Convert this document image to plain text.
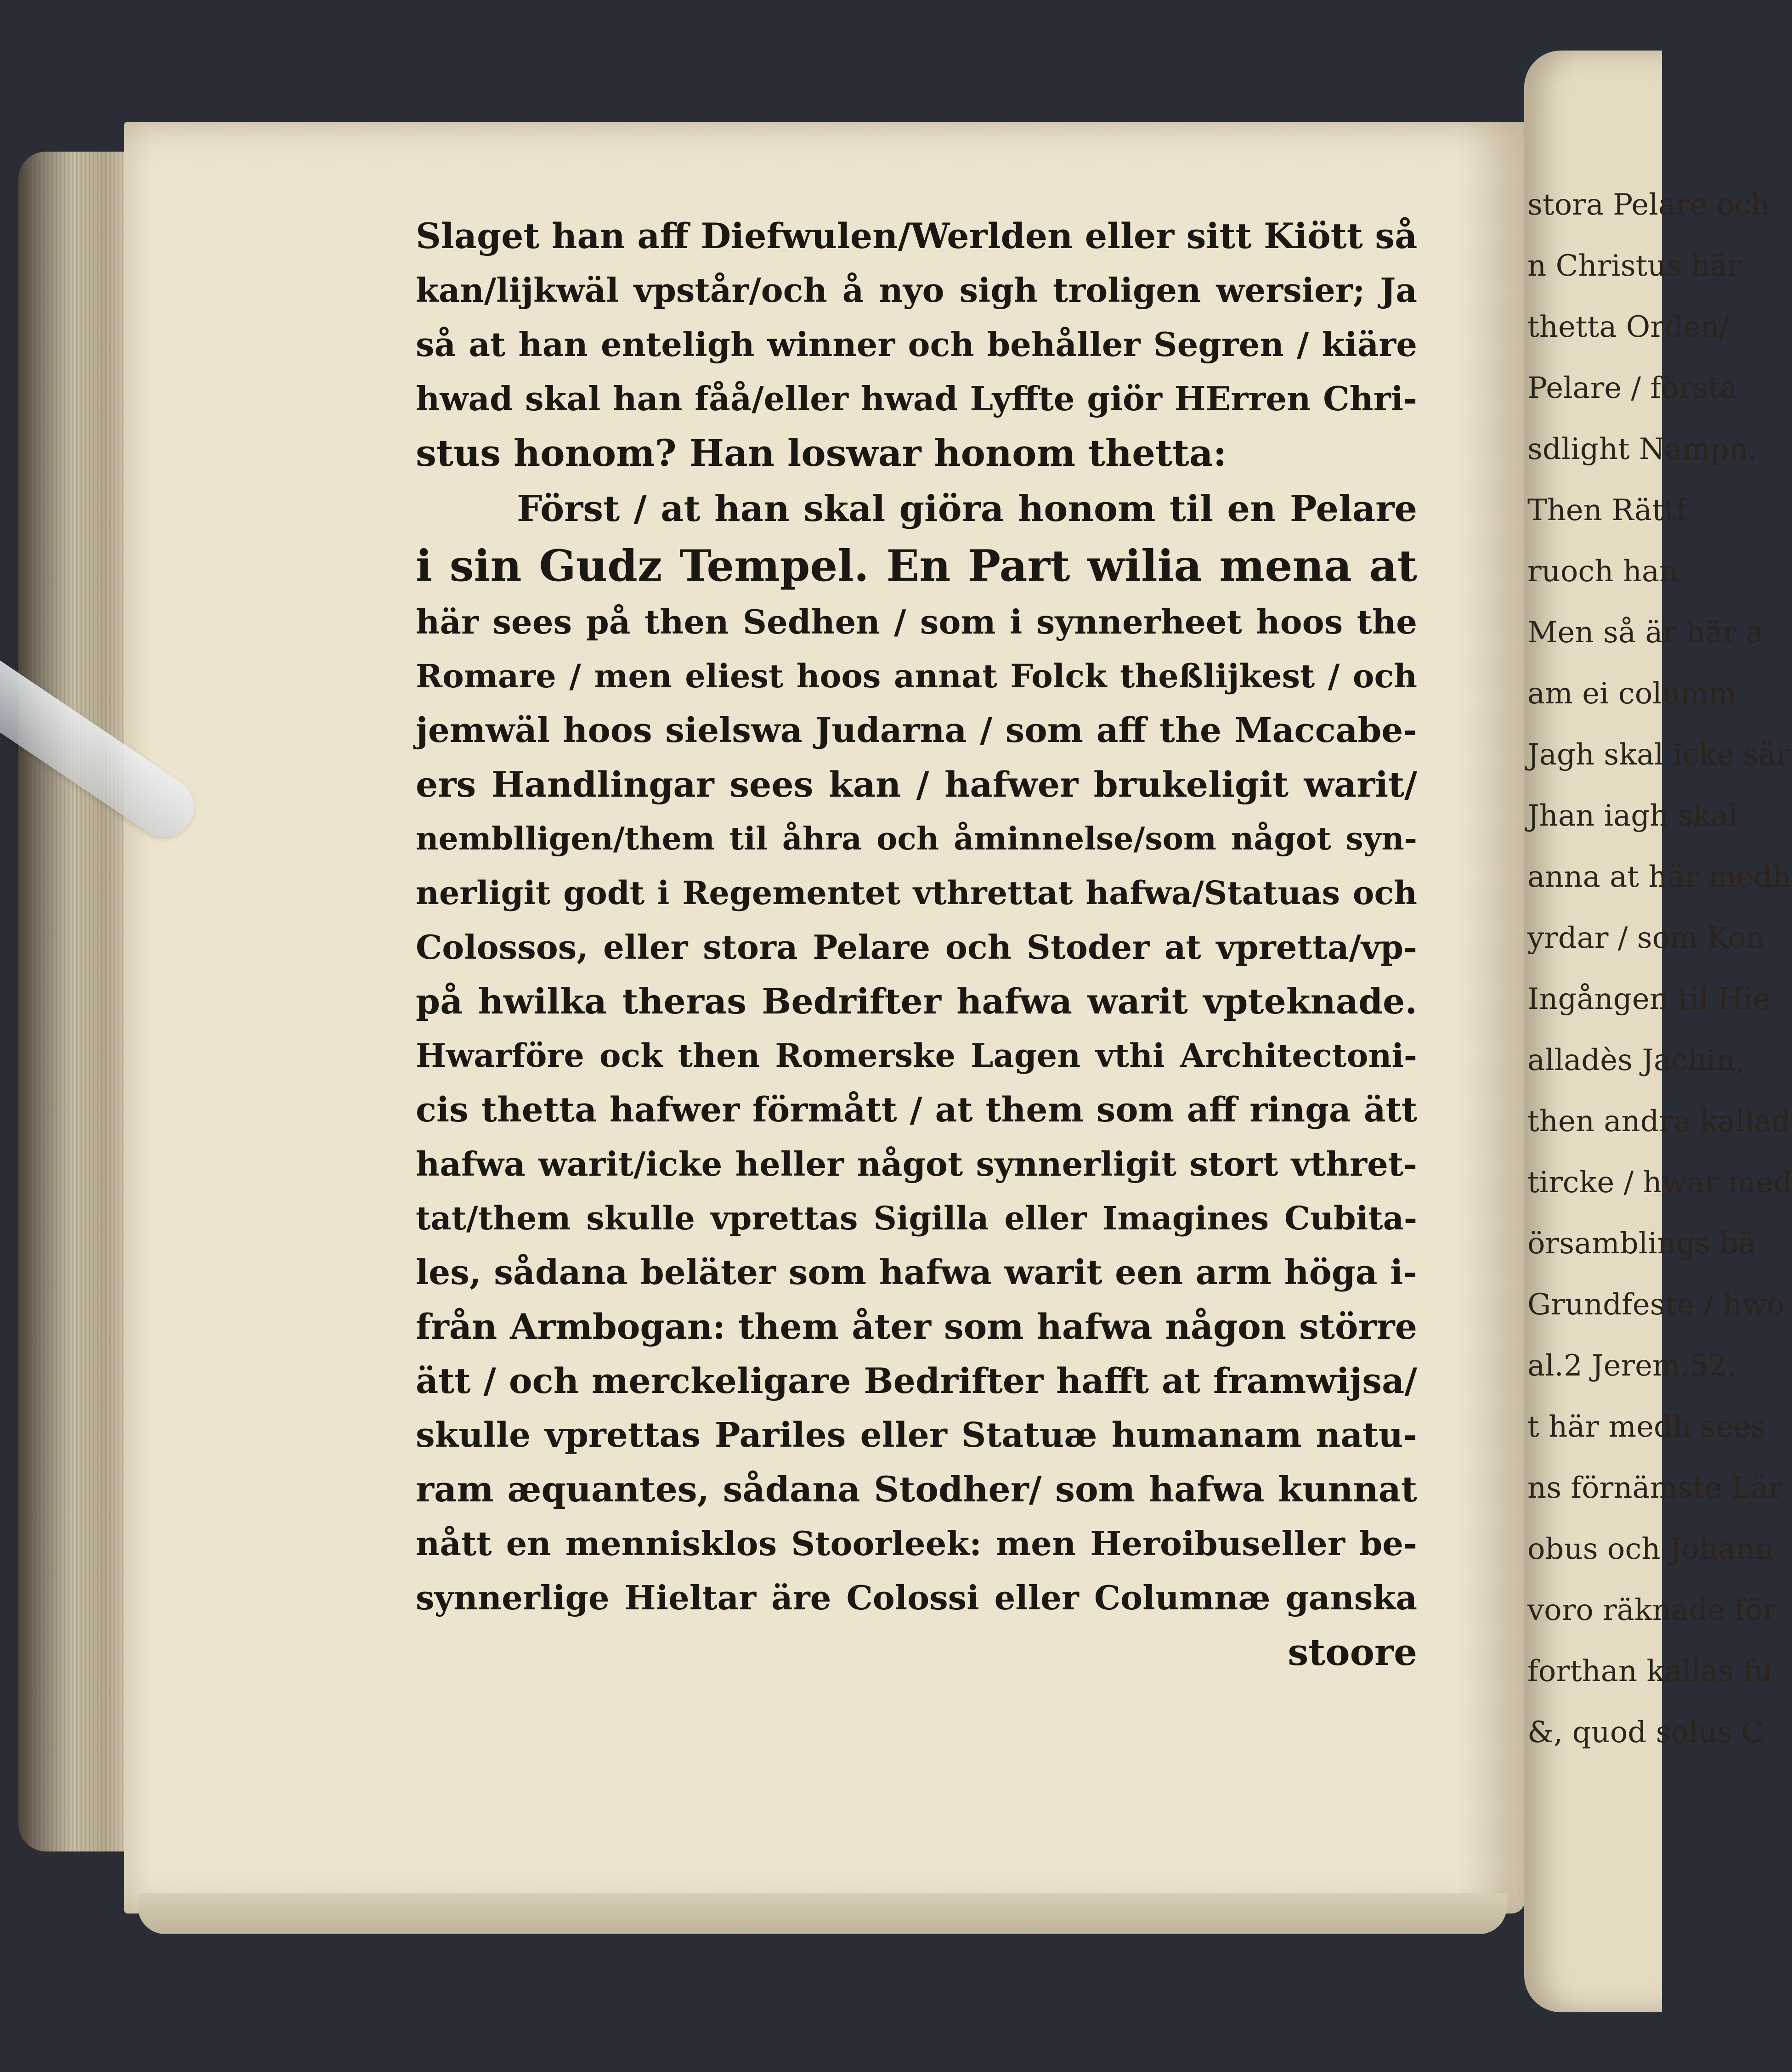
stora Pelare och
n Christus här
thetta Orden/
Pelare / första
sdlight Nampn.
Then Rättf
ruoch han
Men så är här a
am ei columm
Jagh skal icke sär
Jhan iagh skal
anna at här medh
yrdar / som Kon
Ingången til Hie
alladès Jachin,
then andra kallad
tircke / hwar med
örsamblings bä
Grundfeste / hwo
al.2 Jerem.52.
t här medh sees
ns förnämste Lär
obus och Johann
voro räknade för
forthan kallas fu
&, quod solus C
Slaget han aff Diefwulen/Werlden eller sitt Kiött så
kan/lijkwäl vpstår/och å nyo sigh troligen wersier; Ja
så at han enteligh winner och behåller Segren / kiäre
hwad skal han fåå/eller hwad Lyffte giör HErren Chri-
stus honom? Han loswar honom thetta:
Först / at han skal giöra honom til en Pelare
i sin Gudz Tempel. En Part wilia mena at
här sees på then Sedhen / som i synnerheet hoos the
Romare / men eliest hoos annat Folck theßlijkest / och
jemwäl hoos sielswa Judarna / som aff the Maccabe-
ers Handlingar sees kan / hafwer brukeligit warit/
nemblligen/them til åhra och åminnelse/som något syn-
nerligit godt i Regementet vthrettat hafwa/Statuas och
Colossos, eller stora Pelare och Stoder at vpretta/vp-
på hwilka theras Bedrifter hafwa warit vpteknade.
Hwarföre ock then Romerske Lagen vthi Architectoni-
cis thetta hafwer förmått / at them som aff ringa ätt
hafwa warit/icke heller något synnerligit stort vthret-
tat/them skulle vprettas Sigilla eller Imagines Cubita-
les, sådana beläter som hafwa warit een arm höga i-
från Armbogan: them åter som hafwa någon större
ätt / och merckeligare Bedrifter hafft at framwijsa/
skulle vprettas Pariles eller Statuæ humanam natu-
ram æquantes, sådana Stodher/ som hafwa kunnat
nått en mennisklos Stoorleek: men Heroibuseller be-
synnerlige Hieltar äre Colossi eller Columnæ ganska
stoore
